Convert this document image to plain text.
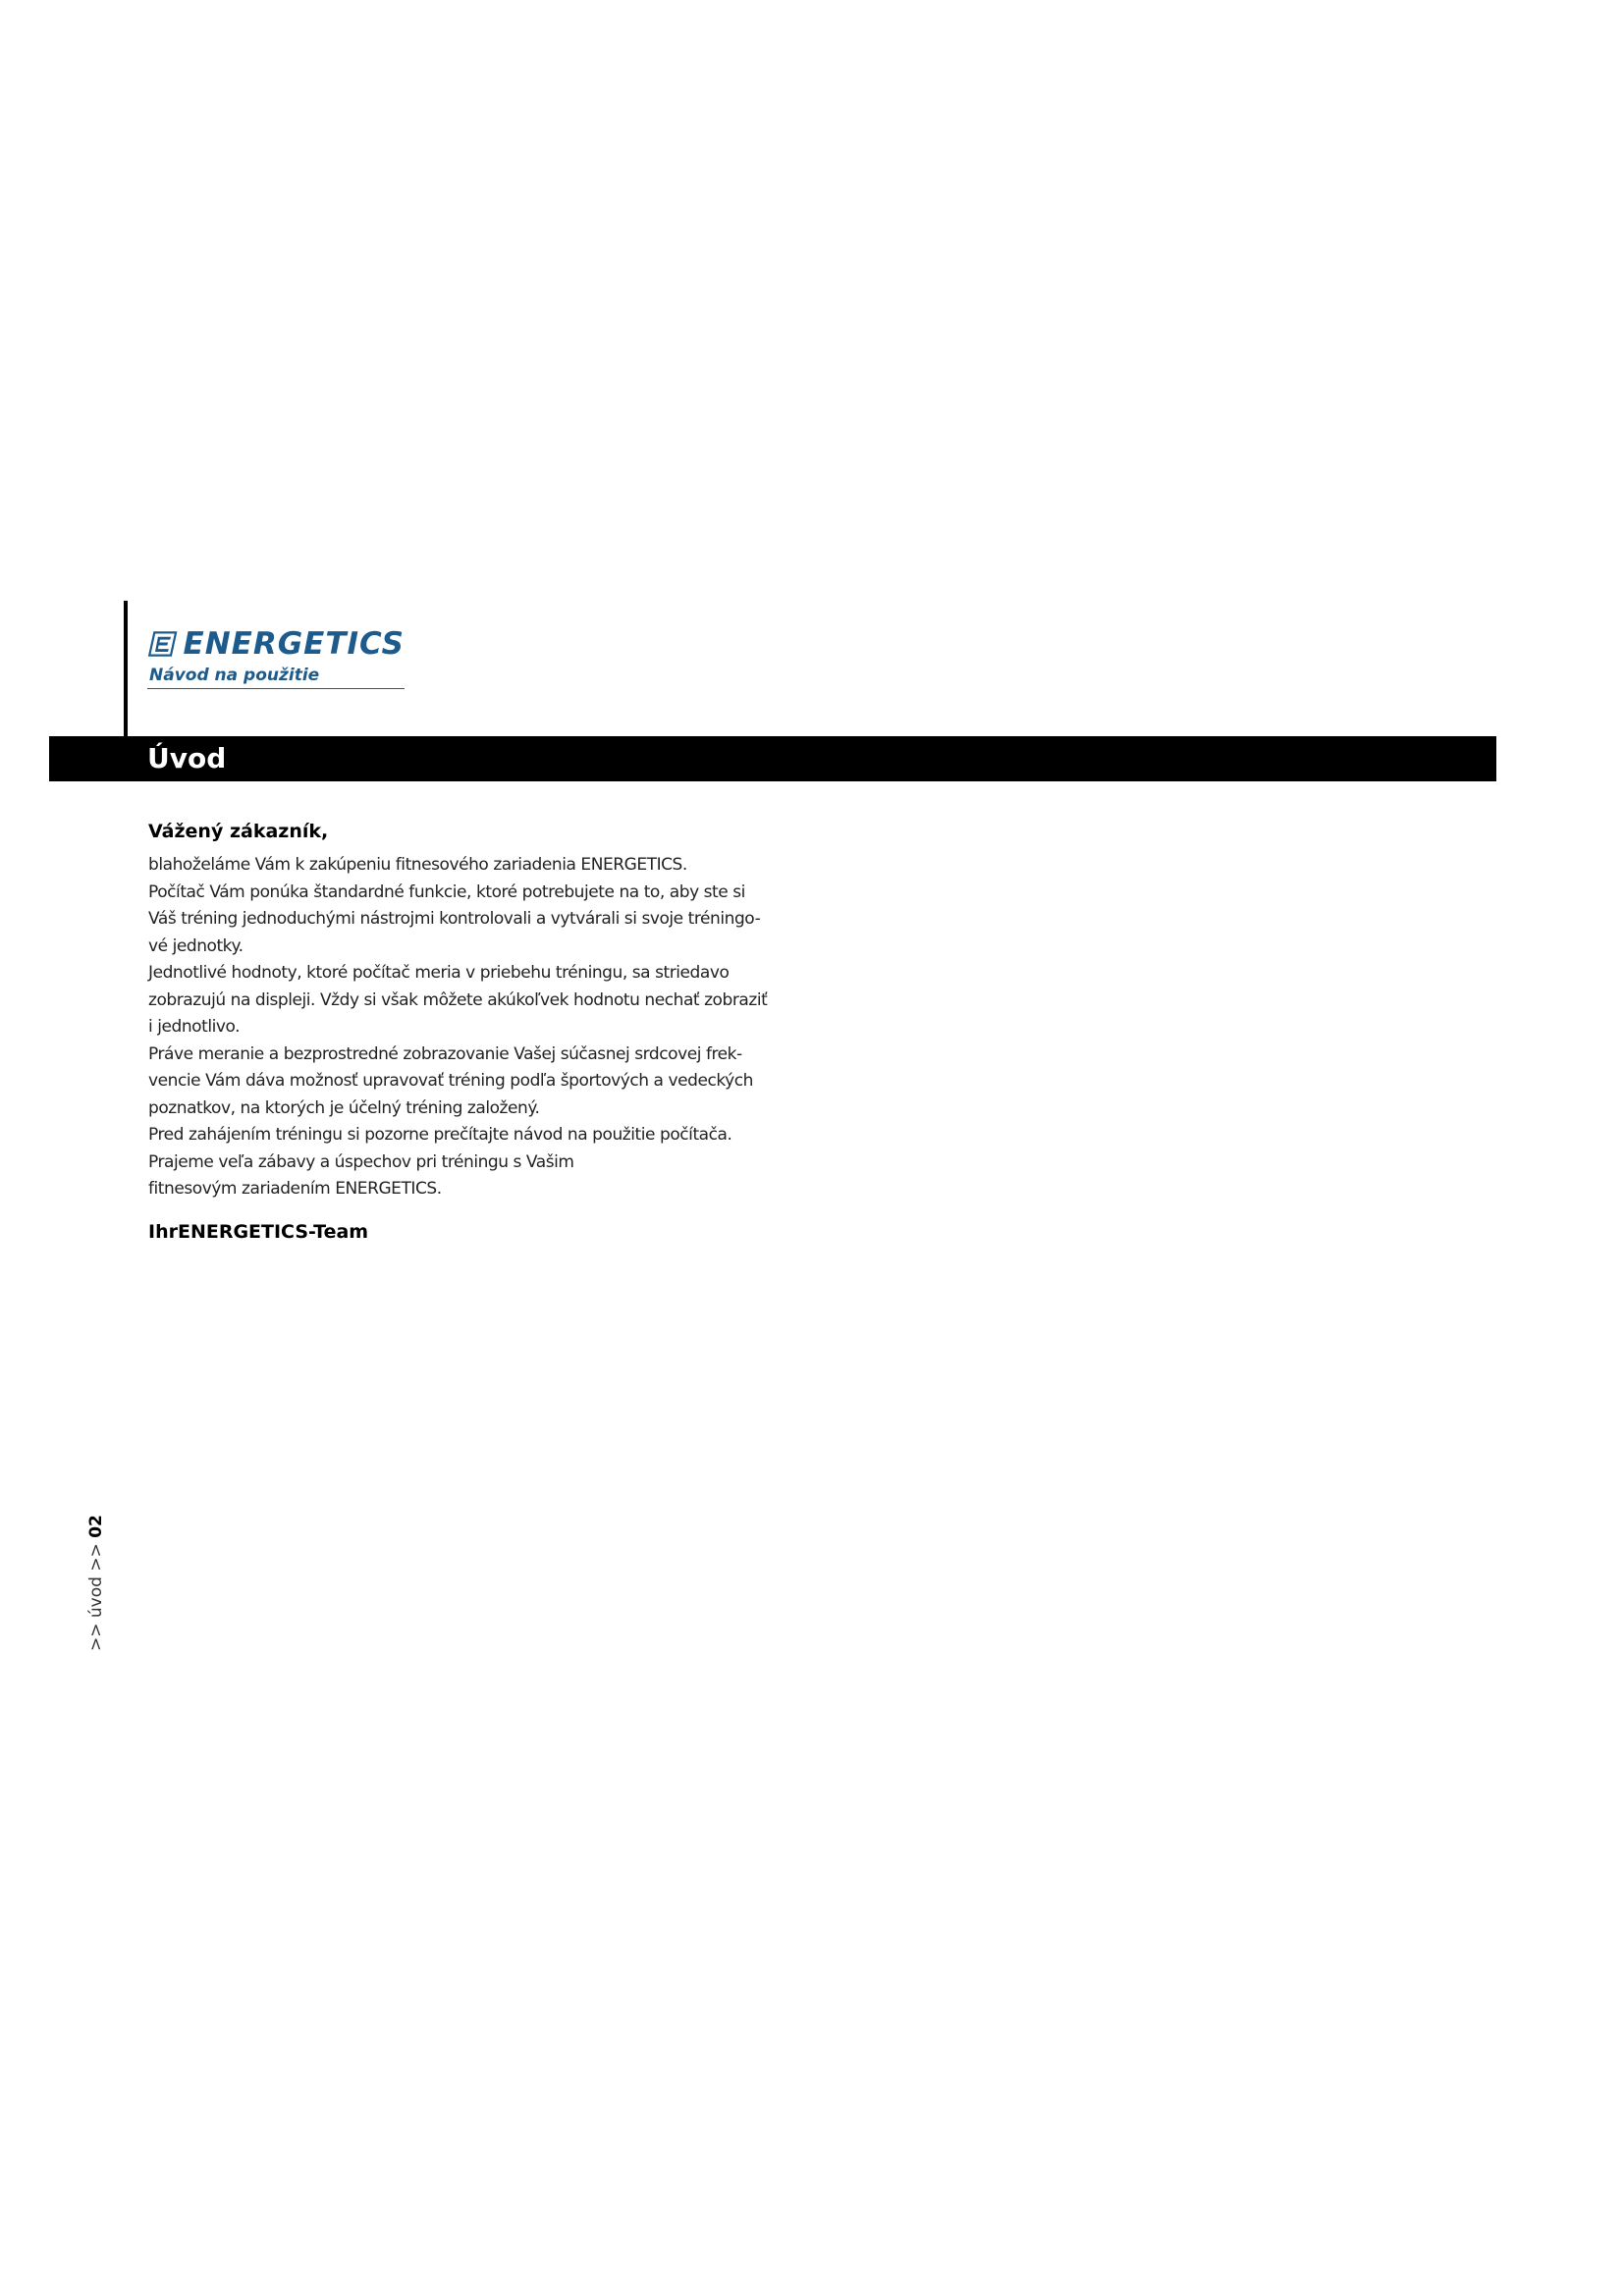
ENERGETICS
Návod na použitie
Úvod
Vážený zákazník,
blahoželáme Vám k zakúpeniu fitnesového zariadenia ENERGETICS.
Počítač Vám ponúka štandardné funkcie, ktoré potrebujete na to, aby ste si
Váš tréning jednoduchými nástrojmi kontrolovali a vytvárali si svoje tréningo-
vé jednotky.
Jednotlivé hodnoty, ktoré počítač meria v priebehu tréningu, sa striedavo
zobrazujú na displeji. Vždy si však môžete akúkoľvek hodnotu nechať zobraziť
i jednotlivo.
Práve meranie a bezprostredné zobrazovanie Vašej súčasnej srdcovej frek-
vencie Vám dáva možnosť upravovať tréning podľa športových a vedeckých
poznatkov, na ktorých je účelný tréning založený.
Pred zahájením tréningu si pozorne prečítajte návod na použitie počítača.
Prajeme veľa zábavy a úspechov pri tréningu s Vašim
fitnesovým zariadením ENERGETICS.
IhrENERGETICS-Team
>> úvod >> 02
